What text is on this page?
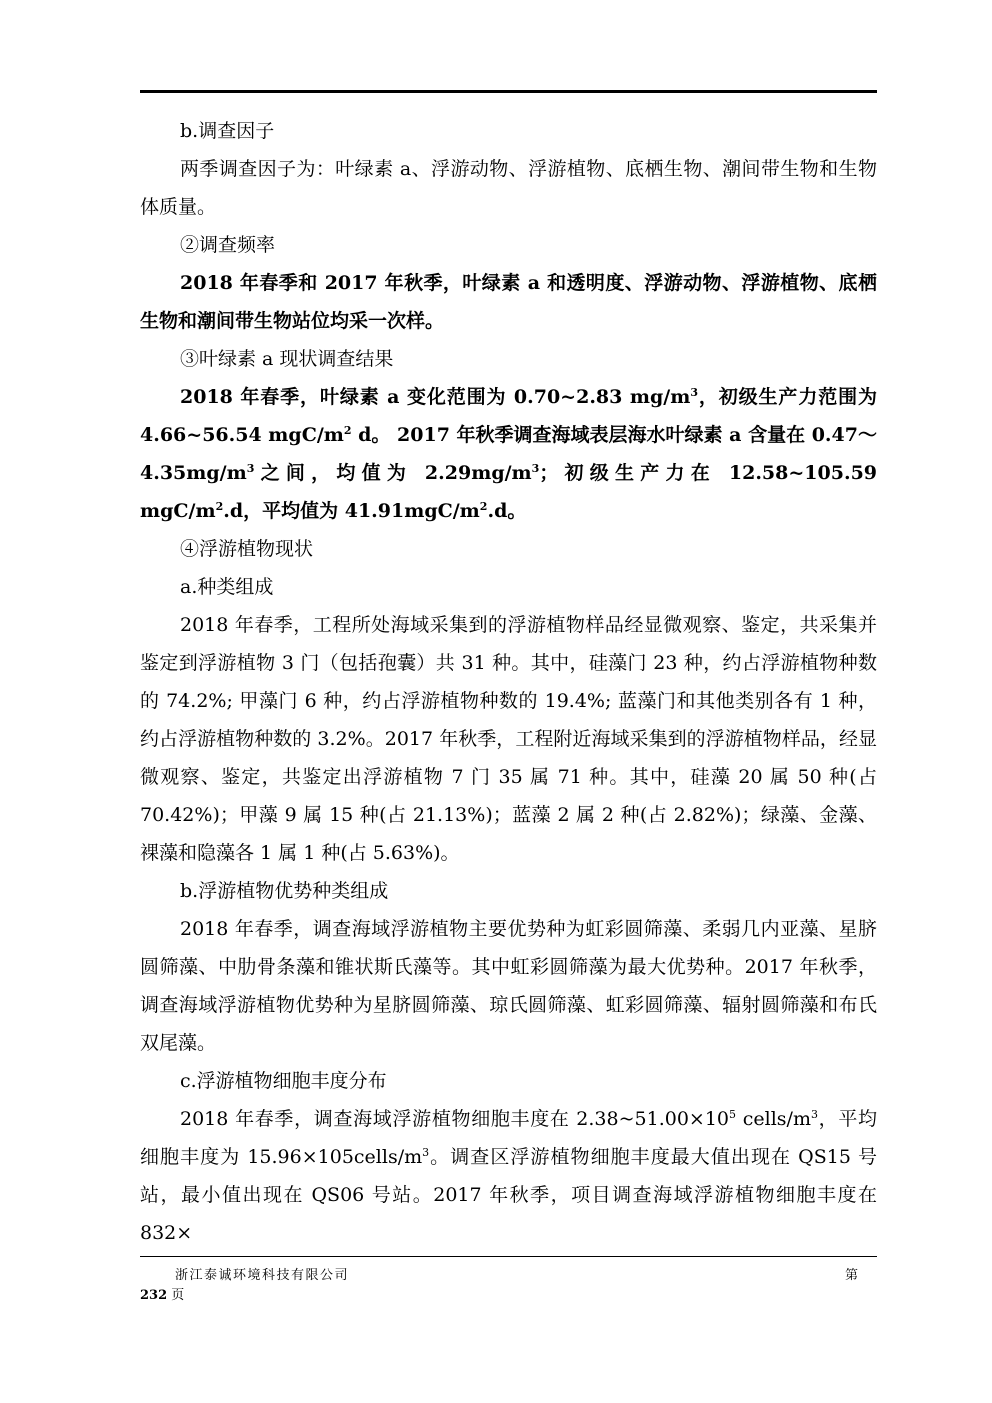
b.调查因子

两季调查因子为：叶绿素 a、浮游动物、浮游植物、底栖生物、潮间带生物和生物体质量。

②调查频率

2018 年春季和 2017 年秋季，叶绿素 a 和透明度、浮游动物、浮游植物、底栖生物和潮间带生物站位均采一次样。

③叶绿素 a 现状调查结果

2018 年春季，叶绿素 a 变化范围为 0.70~2.83 $mg/m^3$，初级生产力范围为 4.66~56.54 mgC/$m^2$ d。 2017 年秋季调查海域表层海水叶绿素 a 含量在 $0.47\sim 4.35mg/m^3$之间，均值为 $2.29mg/m^3$；初级生产力在 12.58~105.59 mgC/$m^2.d$，平均值为 $41.91mgC/m^2.d$。

④浮游植物现状

a.种类组成

2018 年春季，工程所处海域采集到的浮游植物样品经显微观察、鉴定，共采集并鉴定到浮游植物 3 门（包括孢囊）共 31 种。其中，硅藻门 23 种，约占浮游植物种数的 74.2%; 甲藻门 6 种，约占浮游植物种数的 19.4%; 蓝藻门和其他类别各有 1 种，约占浮游植物种数的 3.2%。2017 年秋季，工程附近海域采集到的浮游植物样品，经显微观察、鉴定，共鉴定出浮游植物 7 门 35 属 71 种。其中，硅藻 20 属 50 种(占 70.42%)；甲藻 9 属 15 种(占 21.13%)；蓝藻 2 属 2 种(占 2.82%)；绿藻、金藻、裸藻和隐藻各 1 属 1 种(占 5.63%)。

b.浮游植物优势种类组成

2018 年春季，调查海域浮游植物主要优势种为虹彩圆筛藻、柔弱几内亚藻、星脐圆筛藻、中肋骨条藻和锥状斯氏藻等。其中虹彩圆筛藻为最大优势种。2017 年秋季，调查海域浮游植物优势种为星脐圆筛藻、琼氏圆筛藻、虹彩圆筛藻、辐射圆筛藻和布氏双尾藻。

c.浮游植物细胞丰度分布

2018 年春季，调查海域浮游植物细胞丰度在 $2.38\sim 51.00\times 10^5$ cells/$m^3$，平均细胞丰度为 $15.96\times 105cells/m^3$。调查区浮游植物细胞丰度最大值出现在 QS15 号站，最小值出现在 QS06 号站。2017 年秋季，项目调查海域浮游植物细胞丰度在 832×

浙江泰诚环境科技有限公司	第
232 页
